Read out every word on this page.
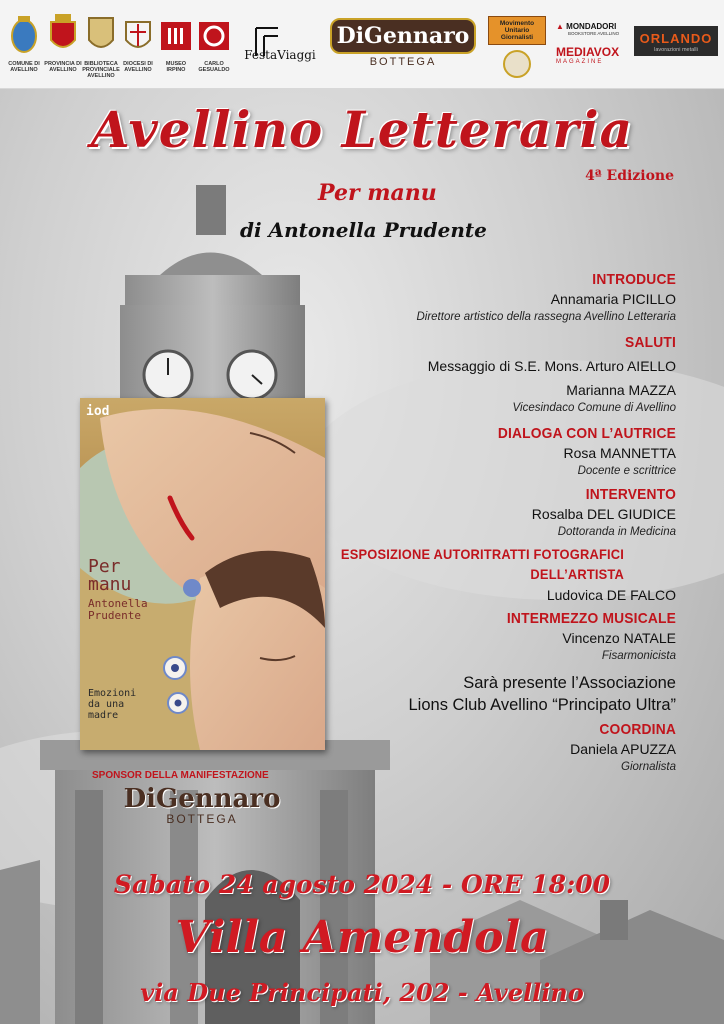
COMUNE DI AVELLINO
PROVINCIA DI AVELLINO
BIBLIOTECA PROVINCIALE AVELLINO
DIOCESI DI AVELLINO
MUSEO IRPINO
CARLO GESUALDO
FestaViaggi
DiGennaro
BOTTEGA
Movimento Unitario Giornalisti
▲ MONDADORI
BOOKSTORE AVELLINO
MEDIAVOX
MAGAZINE
ORLANDO
lavorazioni metalli
Avellino Letteraria
4ª Edizione
Per manu
di Antonella Prudente
INTRODUCE
Annamaria PICILLO
Direttore artistico della rassegna Avellino Letteraria
SALUTI
Messaggio di S.E. Mons. Arturo AIELLO
Marianna MAZZA
Vicesindaco Comune di Avellino
DIALOGA CON L’AUTRICE
Rosa MANNETTA
Docente e scrittrice
INTERVENTO
Rosalba DEL GIUDICE
Dottoranda in Medicina
ESPOSIZIONE AUTORITRATTI FOTOGRAFICI DELL’ARTISTA
Ludovica DE FALCO
INTERMEZZO MUSICALE
Vincenzo NATALE
Fisarmonicista
Sarà presente l’Associazione
Lions Club Avellino “Principato Ultra”
COORDINA
Daniela APUZZA
Giornalista
iod
Per
manu
Antonella
Prudente
Emozioni
da una
madre
SPONSOR DELLA MANIFESTAZIONE
DiGennaro
BOTTEGA
Sabato 24 agosto 2024 - ORE 18:00
Villa Amendola
via Due Principati, 202 - Avellino
